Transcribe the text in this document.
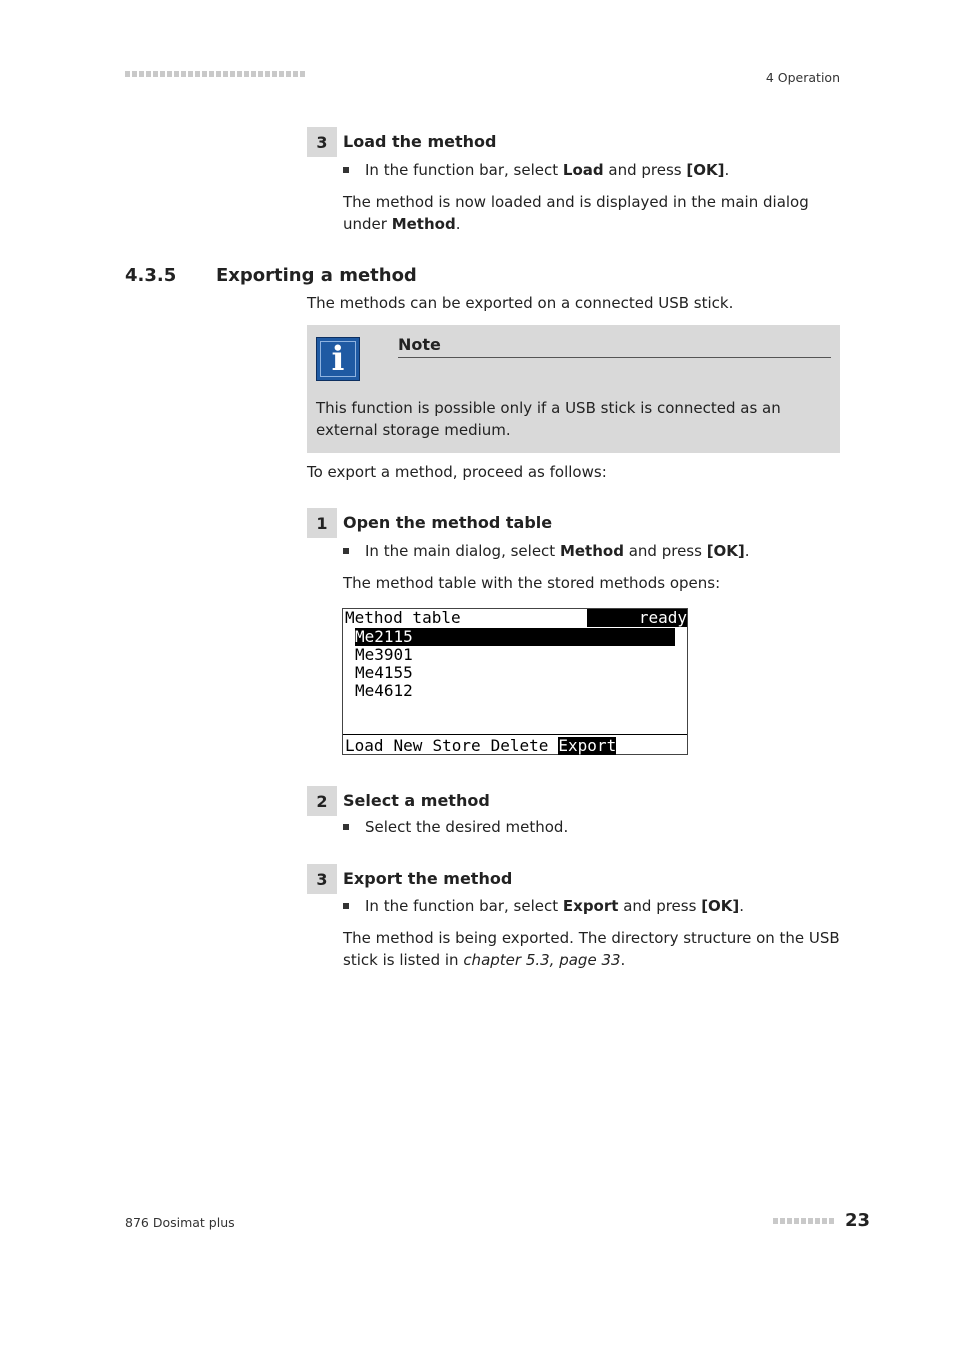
4 Operation
3 Load the method
In the function bar, select Load and press [OK].
The method is now loaded and is displayed in the main dialog under Method.
4.3.5 Exporting a method
The methods can be exported on a connected USB stick.
i	Note
This function is possible only if a USB stick is connected as an external storage medium.
To export a method, proceed as follows:
1 Open the method table
In the main dialog, select Method and press [OK].
The method table with the stored methods opens:
Method table	ready
Me2115
Me3901
Me4155
Me4612
Load New Store Delete Export
2 Select a method
Select the desired method.
3 Export the method
In the function bar, select Export and press [OK].
The method is being exported. The directory structure on the USB stick is listed in chapter 5.3, page 33.
876 Dosimat plus	23
